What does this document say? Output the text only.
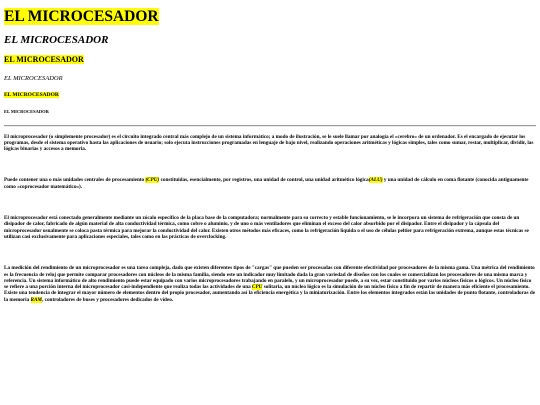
EL MICROCESADOR
EL MICROCESADOR
EL MICROCESADOR
EL MICROCESADOR
EL MICROCESADOR
EL MICROCESADOR

El microprocesador (o simplemente procesador) es el circuito integrado central más complejo de un sistema informático; a modo de ilustración, se le suele llamar por analogía el «cerebro» de un ordenador. Es el encargado de ejecutar los programas, desde el sistema operativo hasta las aplicaciones de usuario; solo ejecuta instrucciones programadas en lenguaje de bajo nivel, realizando operaciones aritméticas y lógicas simples, tales como sumar, restar, multiplicar, dividir, las lógicas binarias y accesos a memoria.

Puede contener una o más unidades centrales de procesamiento (CPU) constituidas, esencialmente, por registros, una unidad de control, una unidad aritmético lógica(ALU) y una unidad de cálculo en coma flotante (conocida antiguamente como «coprocesador matemático»).

El microprocesador está conectado generalmente mediante un zócalo específico de la placa base de la computadora; normalmente para su correcto y estable funcionamiento, se le incorpora un sistema de refrigeración que consta de un disipador de calor, fabricado de algún material de alta conductividad térmica, como cobre o aluminio, y de uno o más ventiladores que eliminan el exceso del calor absorbido por el disipador. Entre el disipador y la cápsula del microprocesador usualmente se coloca pasta térmica para mejorar la conductividad del calor. Existen otros métodos más eficaces, como la refrigeración líquida o el uso de células peltier para refrigeración extrema, aunque estas técnicas se utilizan casi exclusivamente para aplicaciones especiales, tales como en las prácticas de overclocking.

La medición del rendimiento de un microprocesador es una tarea compleja, dado que existen diferentes tipos de "cargas" que pueden ser procesadas con diferente efectividad por procesadores de la misma gama. Una métrica del rendimiento es la frecuencia de reloj que permite comparar procesadores con núcleos de la misma familia, siendo este un indicador muy limitado dada la gran variedad de diseños con los cuales se comercializan los procesadores de una misma marca y referencia. Un sistema informático de alto rendimiento puede estar equipado con varios microprocesadores trabajando en paralelo, y un microprocesador puede, a su vez, estar constituido por varios núcleos físicos o lógicos. Un núcleo físico se refiere a una porción interna del microprocesador casi-independiente que realiza todas las actividades de una CPU solitaria, un núcleo lógico es la simulación de un núcleo físico a fin de repartir de manera más eficiente el procesamiento. Existe una tendencia de integrar el mayor número de elementos dentro del propio procesador, aumentando así la eficiencia energética y la miniaturización. Entre los elementos integrados están las unidades de punto flotante, controladoras de la memoria RAM, controladores de buses y procesadores dedicados de vídeo.
